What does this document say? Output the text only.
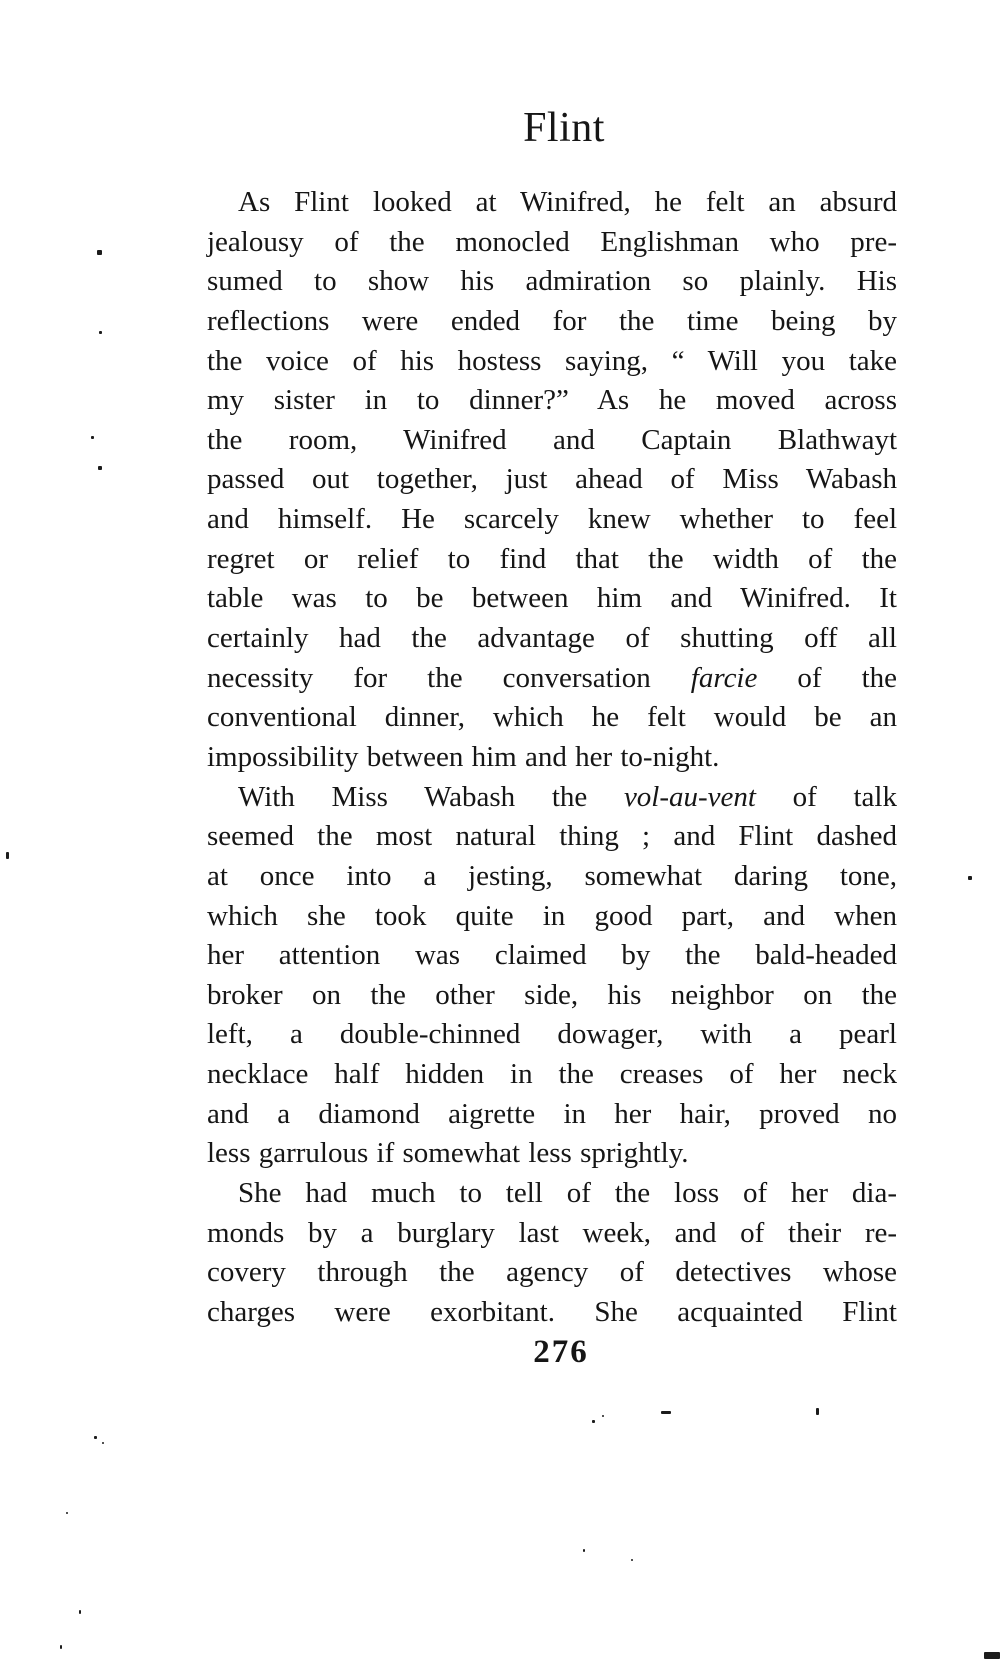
Flint
As Flint looked at Winifred, he felt an absurd
jealousy of the monocled Englishman who pre-
sumed to show his admiration so plainly. His
reflections were ended for the time being by
the voice of his hostess saying, “ Will you take
my sister in to dinner?” As he moved across
the room, Winifred and Captain Blathwayt
passed out together, just ahead of Miss Wabash
and himself. He scarcely knew whether to feel
regret or relief to find that the width of the
table was to be between him and Winifred. It
certainly had the advantage of shutting off all
necessity for the conversation farcie of the
conventional dinner, which he felt would be an
impossibility between him and her to-night.
With Miss Wabash the vol-au-vent of talk
seemed the most natural thing ; and Flint dashed
at once into a jesting, somewhat daring tone,
which she took quite in good part, and when
her attention was claimed by the bald-headed
broker on the other side, his neighbor on the
left, a double-chinned dowager, with a pearl
necklace half hidden in the creases of her neck
and a diamond aigrette in her hair, proved no
less garrulous if somewhat less sprightly.
She had much to tell of the loss of her dia-
monds by a burglary last week, and of their re-
covery through the agency of detectives whose
charges were exorbitant. She acquainted Flint
276
